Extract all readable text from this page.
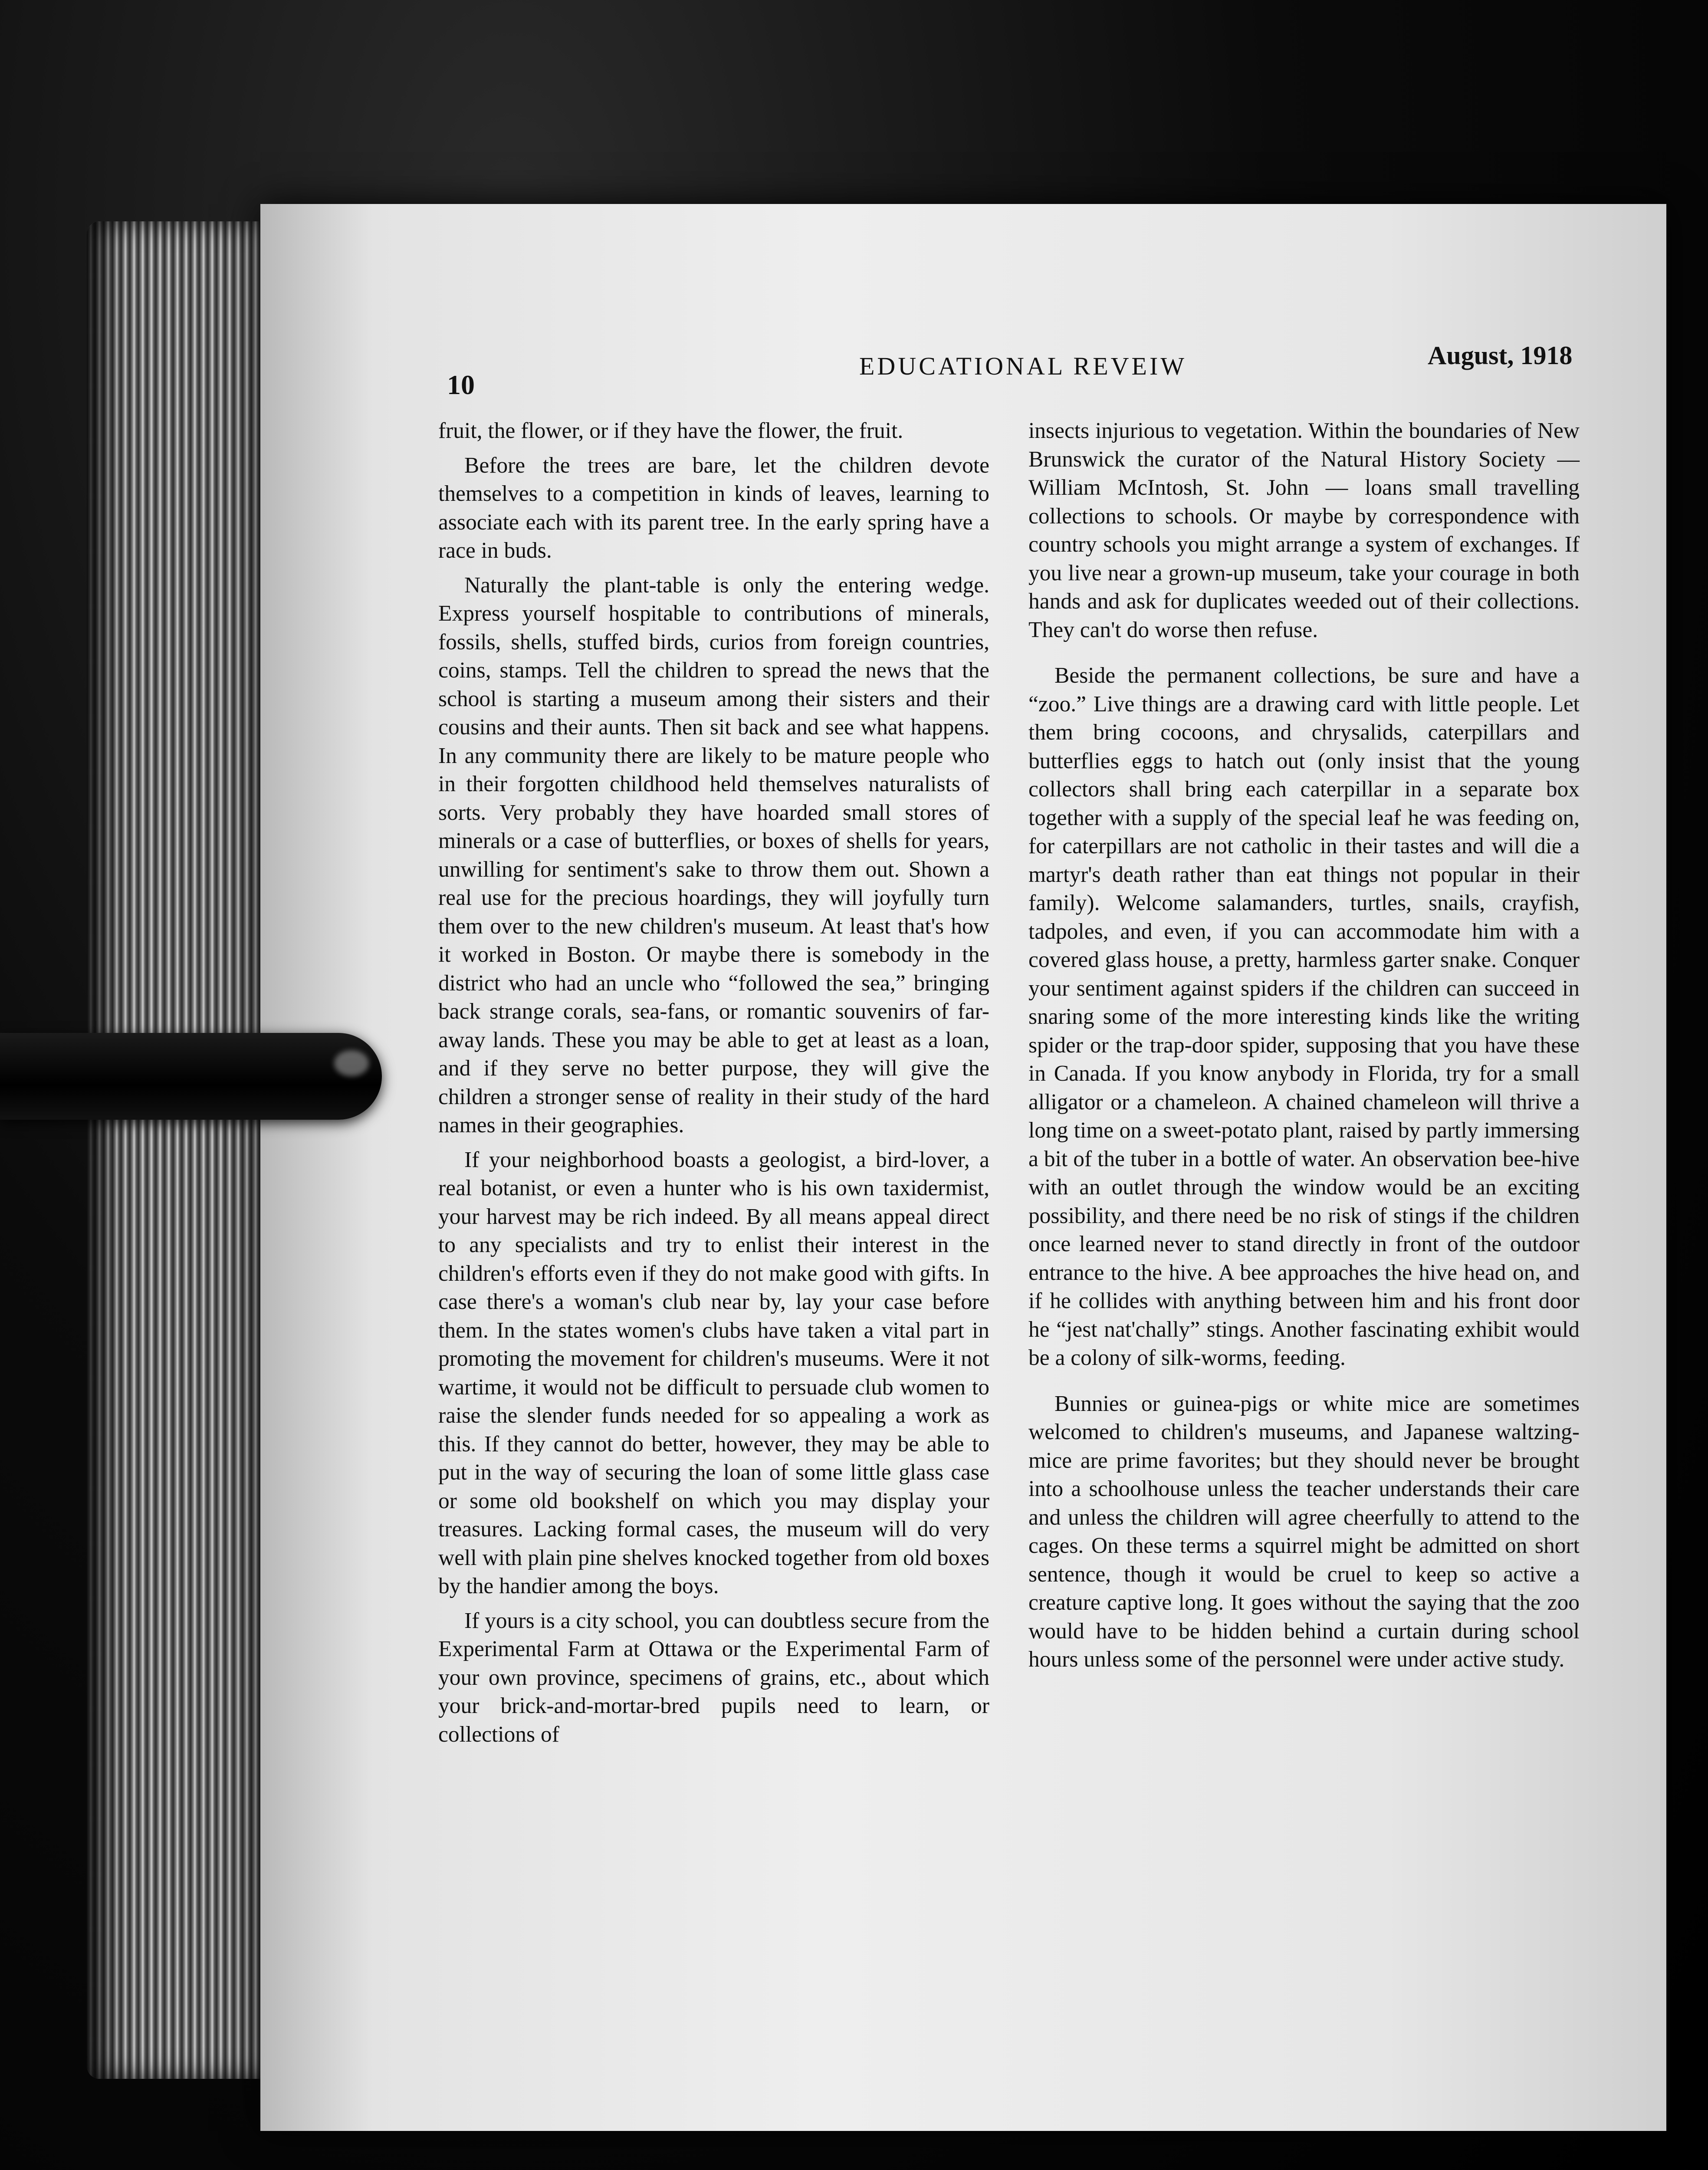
10
EDUCATIONAL REVEIW	August, 1918

fruit, the flower, or if they have the flower, the fruit.

Before the trees are bare, let the children devote themselves to a competition in kinds of leaves, learning to associate each with its parent tree. In the early spring have a race in buds.

Naturally the plant-table is only the entering wedge. Express yourself hospitable to contributions of minerals, fossils, shells, stuffed birds, curios from foreign countries, coins, stamps. Tell the children to spread the news that the school is starting a museum among their sisters and their cousins and their aunts. Then sit back and see what happens. In any community there are likely to be mature people who in their forgotten childhood held themselves naturalists of sorts. Very probably they have hoarded small stores of minerals or a case of butterflies, or boxes of shells for years, unwilling for sentiment's sake to throw them out. Shown a real use for the precious hoardings, they will joyfully turn them over to the new children's museum. At least that's how it worked in Boston. Or maybe there is somebody in the district who had an uncle who “followed the sea,” bringing back strange corals, sea-fans, or romantic souvenirs of far-away lands. These you may be able to get at least as a loan, and if they serve no better purpose, they will give the children a stronger sense of reality in their study of the hard names in their geographies.

If your neighborhood boasts a geologist, a bird-lover, a real botanist, or even a hunter who is his own taxidermist, your harvest may be rich indeed. By all means appeal direct to any specialists and try to enlist their interest in the children's efforts even if they do not make good with gifts. In case there's a woman's club near by, lay your case before them. In the states women's clubs have taken a vital part in promoting the movement for children's museums. Were it not wartime, it would not be difficult to persuade club women to raise the slender funds needed for so appealing a work as this. If they cannot do better, however, they may be able to put in the way of securing the loan of some little glass case or some old bookshelf on which you may display your treasures. Lacking formal cases, the museum will do very well with plain pine shelves knocked together from old boxes by the handier among the boys.

If yours is a city school, you can doubtless secure from the Experimental Farm at Ottawa or the Experimental Farm of your own province, specimens of grains, etc., about which your brick-and-mortar-bred pupils need to learn, or collections of

insects injurious to vegetation. Within the boundaries of New Brunswick the curator of the Natural History Society — William McIntosh, St. John — loans small travelling collections to schools. Or maybe by correspondence with country schools you might arrange a system of exchanges. If you live near a grown-up museum, take your courage in both hands and ask for duplicates weeded out of their collections. They can't do worse then refuse.

Beside the permanent collections, be sure and have a “zoo.” Live things are a drawing card with little people. Let them bring cocoons, and chrysalids, caterpillars and butterflies eggs to hatch out (only insist that the young collectors shall bring each caterpillar in a separate box together with a supply of the special leaf he was feeding on, for caterpillars are not catholic in their tastes and will die a martyr's death rather than eat things not popular in their family). Welcome salamanders, turtles, snails, crayfish, tadpoles, and even, if you can accommodate him with a covered glass house, a pretty, harmless garter snake. Conquer your sentiment against spiders if the children can succeed in snaring some of the more interesting kinds like the writing spider or the trap-door spider, supposing that you have these in Canada. If you know anybody in Florida, try for a small alligator or a chameleon. A chained chameleon will thrive a long time on a sweet-potato plant, raised by partly immersing a bit of the tuber in a bottle of water. An observation bee-hive with an outlet through the window would be an exciting possibility, and there need be no risk of stings if the children once learned never to stand directly in front of the outdoor entrance to the hive. A bee approaches the hive head on, and if he collides with anything between him and his front door he “jest nat'chally” stings. Another fascinating exhibit would be a colony of silk-worms, feeding.

Bunnies or guinea-pigs or white mice are sometimes welcomed to children's museums, and Japanese waltzing-mice are prime favorites; but they should never be brought into a schoolhouse unless the teacher understands their care and unless the children will agree cheerfully to attend to the cages. On these terms a squirrel might be admitted on short sentence, though it would be cruel to keep so active a creature captive long. It goes without the saying that the zoo would have to be hidden behind a curtain during school hours unless some of the personnel were under active study.
